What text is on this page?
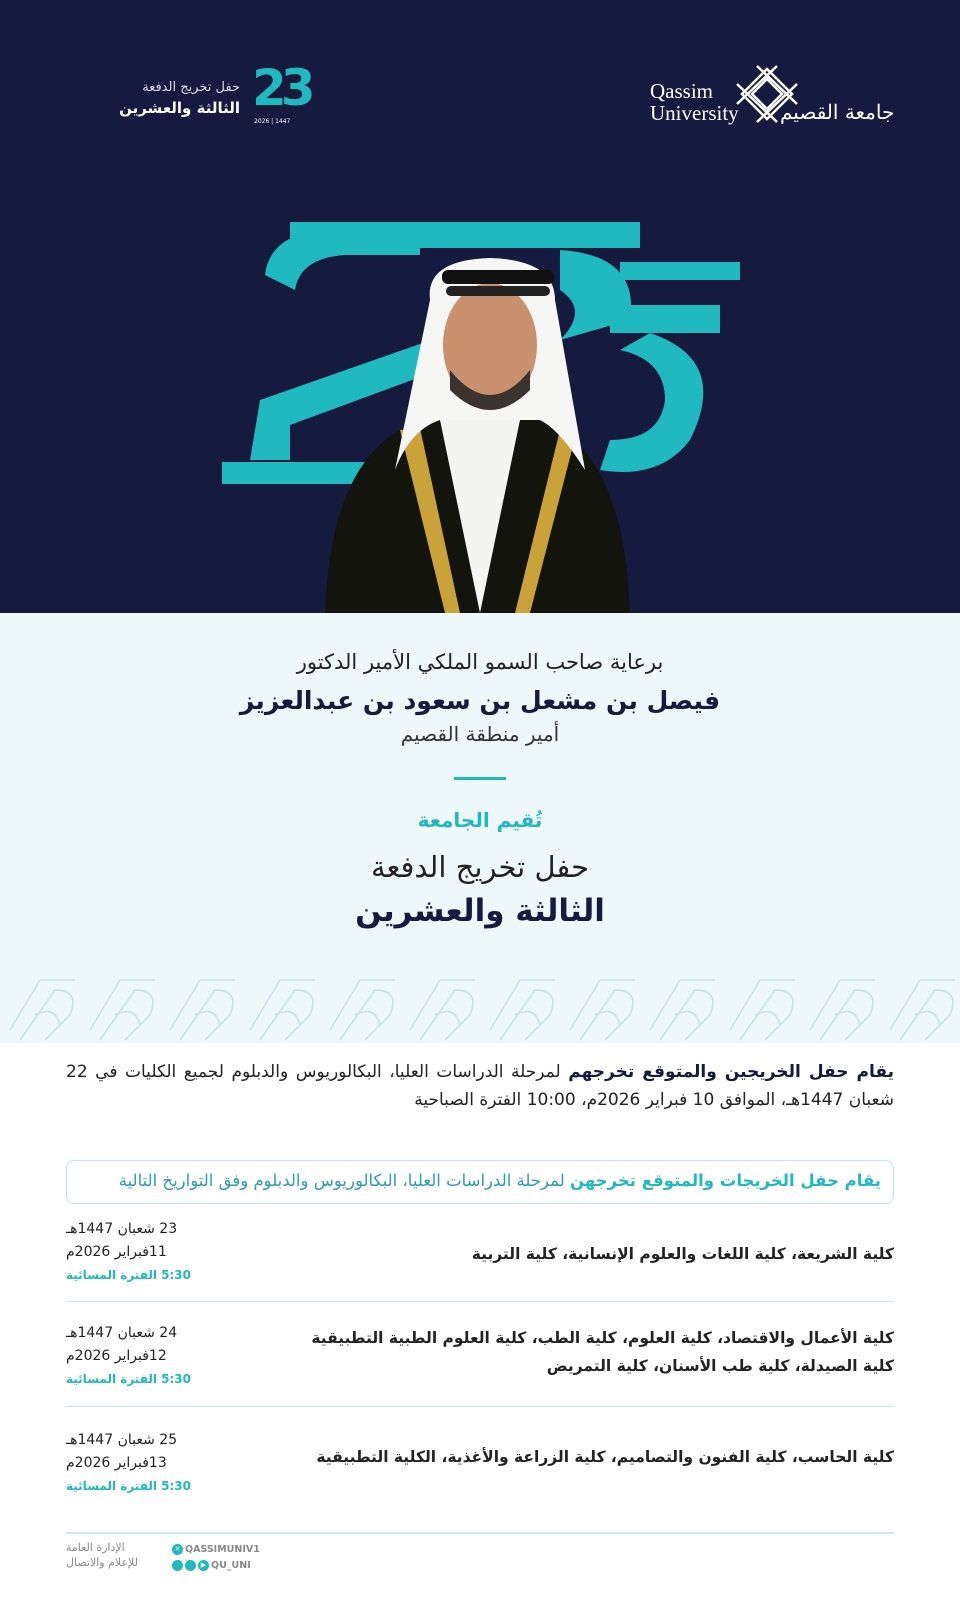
حفل تخريج الدفعة
الثالثة والعشرين 23
2026 | 1447
Qassim
University جامعة القصيم
برعاية صاحب السمو الملكي الأمير الدكتور
فيصل بن مشعل بن سعود بن عبدالعزيز
أمير منطقة القصيم
تُقيم الجامعة
حفل تخريج الدفعة
الثالثة والعشرين
يقام حفل الخريجين والمتوقع تخرجهم لمرحلة الدراسات العليا، البكالوريوس والدبلوم لجميع الكليات في 22 شعبان 1447هـ، الموافق 10 فبراير 2026م، 10:00 الفترة الصباحية
يقام حفل الخريجات والمتوقع تخرجهن لمرحلة الدراسات العليا، البكالوريوس والدبلوم وفق التواريخ التالية
كلية الشريعة، كلية اللغات والعلوم الإنسانية، كلية التربية
23 شعبان 1447هـ
11فبراير 2026م
5:30 الفترة المسائية
كلية الأعمال والاقتصاد، كلية العلوم، كلية الطب، كلية العلوم الطبية التطبيقية
كلية الصيدلة، كلية طب الأسنان، كلية التمريض
24 شعبان 1447هـ
12فبراير 2026م
5:30 الفترة المسائية
كلية الحاسب، كلية الفنون والتصاميم، كلية الزراعة والأغذية، الكلية التطبيقية
25 شعبان 1447هـ
13فبراير 2026م
5:30 الفترة المسائية
الإدارة العامة
للإعلام والاتصال
✕ QASSIMUNIV1
▶ QU_UNI
